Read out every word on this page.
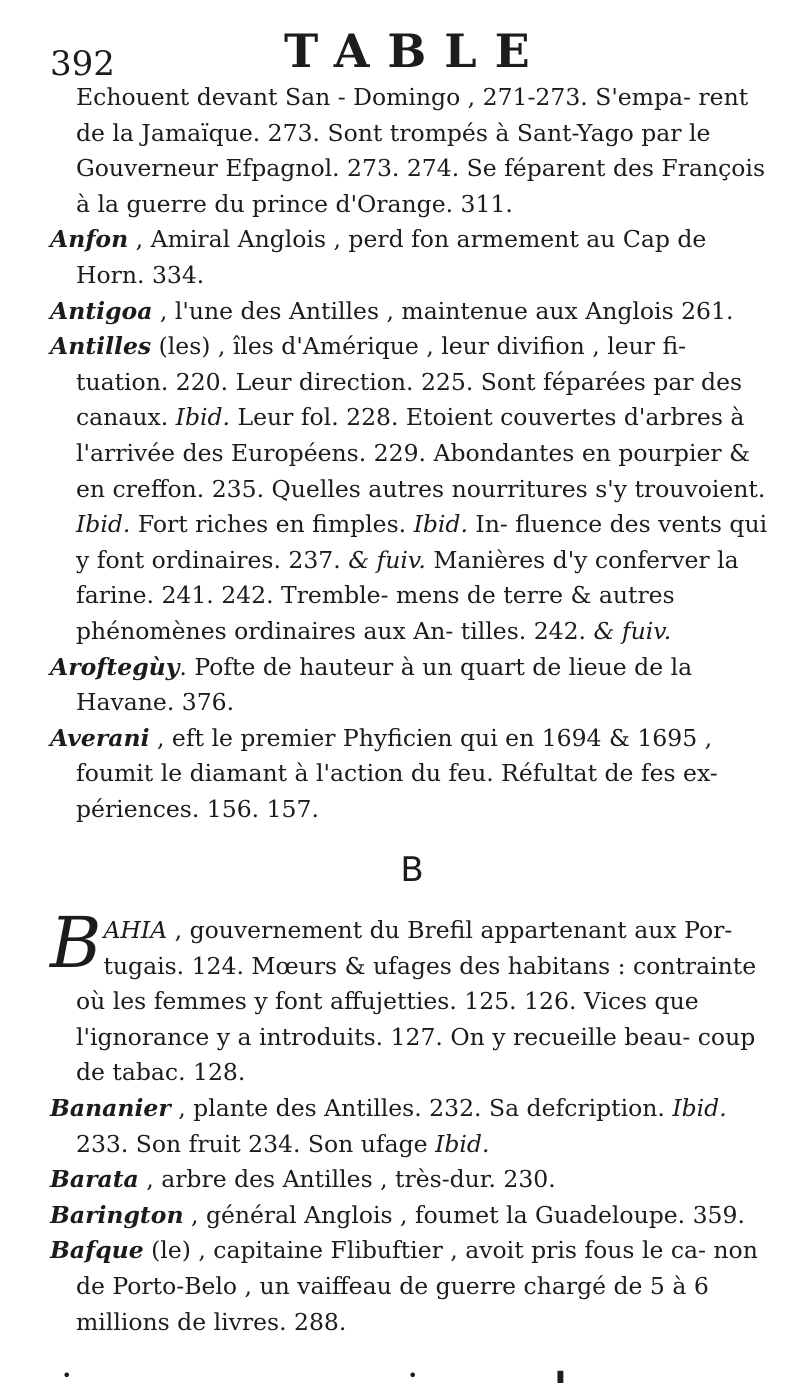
392	TABLE

Echouent devant San - Domingo , 271-273. S'empa- rent de la Jamaïque. 273. Sont trompés à Sant-Yago par le Gouverneur Efpagnol. 273. 274. Se féparent des François à la guerre du prince d'Orange. 311.

Anfon , Amiral Anglois , perd fon armement au Cap de Horn. 334.

Antigoa , l'une des Antilles , maintenue aux Anglois 261.

Antilles (les) , îles d'Amérique , leur divifion , leur fi- tuation. 220. Leur direction. 225. Sont féparées par des canaux. Ibid. Leur fol. 228. Etoient couvertes d'arbres à l'arrivée des Européens. 229. Abondantes en pourpier & en creffon. 235. Quelles autres nourritures s'y trouvoient. Ibid. Fort riches en fimples. Ibid. In- fluence des vents qui y font ordinaires. 237. & fuiv. Manières d'y conferver la farine. 241. 242. Tremble- mens de terre & autres phénomènes ordinaires aux An- tilles. 242. & fuiv.

Aroftegùy. Pofte de hauteur à un quart de lieue de la Havane. 376.

Averani , eft le premier Phyficien qui en 1694 & 1695 , foumit le diamant à l'action du feu. Réfultat de fes ex- périences. 156. 157.

B

BAHIA , gouvernement du Brefil appartenant aux Por- tugais. 124. Mœurs & ufages des habitans : contrainte où les femmes y font affujetties. 125. 126. Vices que l'ignorance y a introduits. 127. On y recueille beau- coup de tabac. 128.

Bananier , plante des Antilles. 232. Sa defcription. Ibid. 233. Son fruit 234. Son ufage Ibid.

Barata , arbre des Antilles , très-dur. 230.

Barington , général Anglois , foumet la Guadeloupe. 359.

Bafque (le) , capitaine Flibuftier , avoit pris fous le ca- non de Porto-Belo , un vaiffeau de guerre chargé de 5 à 6 millions de livres. 288.

•	•	▮
